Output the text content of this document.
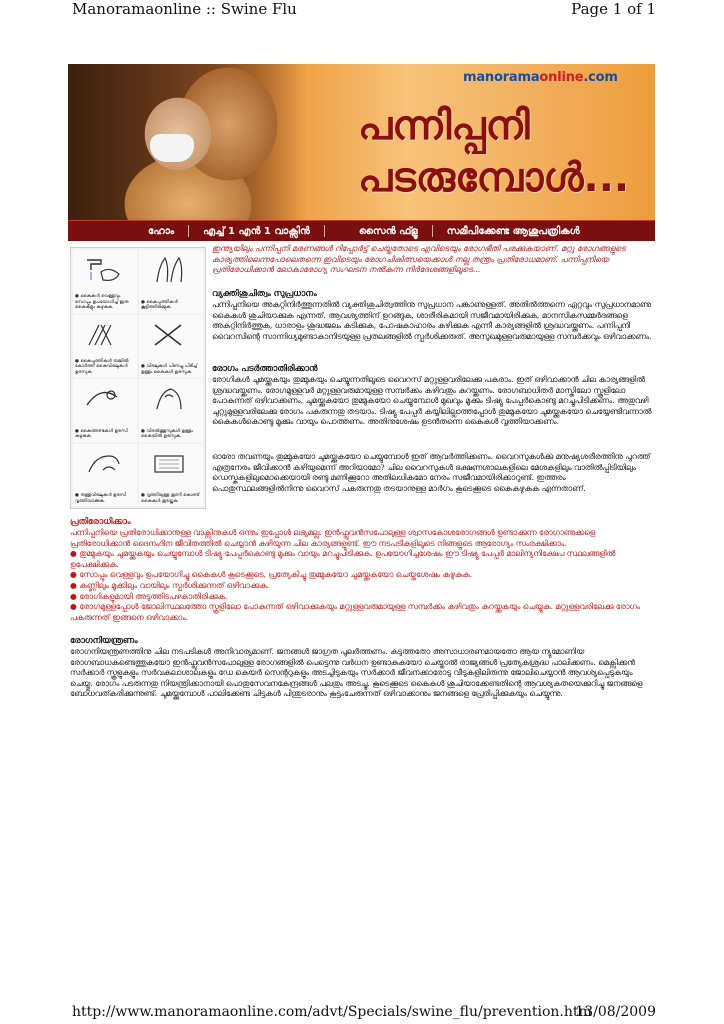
Manoramaonline :: Swine Flu	Page 1 of 1
manoramaonline.com
പന്നിപ്പനി
പടരുമ്പോൾ...
ഹോം	എച്ച് 1 എൻ 1 വാക്സിൻ	സൈൻ ഫ്ളൂ	സമീപിക്കേണ്ട ആശുപത്രികൾ
● കൈകൾ വെള്ളവും സോപ്പും ഉപയോഗിച്ച് ഇരു കൈകളും കഴുകുക.
● കൈപ്പത്തികൾ കൂട്ടിത്തിരുമ്മുക.
● കൈപ്പത്തികൾ തമ്മിൽ കോർത്ത് കൈവിരലുകൾ ഉരസുക.
● വിരലുകൾ പിണച്ചു പിടിച്ച് ഉള്ളം കൈകൾ ഉരസുക.
● കൈത്തണ്ടകൾ ഉരസി കഴുകുക.
● വിരൽത്തുമ്പുകൾ ഉള്ളം കൈയിൽ ഉരസുക.
● തള്ളവിരലുകൾ ഉരസി വൃത്തിയാക്കുക.
● വൃത്തിയുള്ള തുണി കൊണ്ട് കൈകൾ തുടയ്ക്കുക.
ഇന്ത്യയിലും പന്നിപ്പനി മരണങ്ങൾ റിപ്പോർട്ട് ചെയ്തതോടെ എവിടെയും രോഗഭീതി പരക്കുകയാണ്. മറ്റു രോഗങ്ങളുടെ കാര്യത്തിലെന്നപോലെതന്നെ ഇവിടെയും രോഗചികിത്സയെക്കാൾ നല്ല തന്ത്രം പ്രതിരോധമാണ്. പന്നിപ്പനിയെ പ്രതിരോധിക്കാൻ ലോകാരോഗ്യ സംഘടന നൽകുന്ന നിർദേശങ്ങളിലൂടെ...
വ്യക്തിശുചിത്വം സുപ്രധാനം
പന്നിപ്പനിയെ അകറ്റിനിർത്തുന്നതിൽ വ്യക്തിശുചിത്വത്തിനു സുപ്രധാന പങ്കാണുള്ളത്. അതിൽത്തന്നെ ഏറ്റവും സുപ്രധാനമാണു കൈകൾ ശുചിയാക്കുക എന്നത്. ആവശ്യത്തിന് ഉറങ്ങുക, ശാരീരികമായി സജീവമായിരിക്കുക, മാനസികസമ്മർദങ്ങളെ അകറ്റിനിർത്തുക, ധാരാളം ശുദ്ധജലം കുടിക്കുക, പോഷകാഹാരം കഴിക്കുക എന്നീ കാര്യങ്ങളിൽ ശ്രദ്ധവയ്ക്കണം. പന്നിപ്പനി വൈറസിന്റെ സാന്നിധ്യമുണ്ടാകാനിടയുള്ള പ്രതലങ്ങളിൽ സ്പർശിക്കരുത്. അസുഖമുള്ളവരുമായുള്ള സമ്പർക്കവും ഒഴിവാക്കണം.
രോഗം പടർത്താതിരിക്കാൻ
രോഗികൾ ചുമയ്ക്കുകയും തുമ്മുകയും ചെയ്യുന്നതിലൂടെ വൈറസ് മറ്റുള്ളവരിലേക്കു പകരാം. ഇത് ഒഴിവാക്കാൻ ചില കാര്യങ്ങളിൽ ശ്രദ്ധവയ്ക്കണം. രോഗമുള്ളവർ മറ്റുള്ളവരുമായുള്ള സമ്പർക്കം കഴിവതും കുറയ്ക്കണം. രോഗബാധിതർ മാസ്കിലോ സ്കൂളിലോ പോകുന്നത് ഒഴിവാക്കണം. ചുമയ്ക്കുകയോ തുമ്മുകയോ ചെയ്യുമ്പോൾ മുഖവും മൂക്കും ടിഷ്യു പേപ്പർകൊണ്ടു മറച്ചുപിടിക്കണം. അതുവഴി ചുറ്റുമുള്ളവരിലേക്കു രോഗം പകരുന്നതു തടയാം. ടിഷ്യു പേപ്പർ കയ്യിലില്ലാത്തപ്പോൾ തുമ്മുകയോ ചുമയ്ക്കുകയോ ചെയ്യേണ്ടിവന്നാൽ കൈകൾകൊണ്ടു മൂക്കും വായും പൊത്തണം. അതിനുശേഷം ഉടൻതന്നെ കൈകൾ വൃത്തിയാക്കണം.
ഓരോ തവണയും തുമ്മുകയോ ചുമയ്ക്കുകയോ ചെയ്യുമ്പോൾ ഇത് ആവർത്തിക്കണം. വൈറസുകൾക്കു മനുഷ്യശരീരത്തിനു പുറത്ത് എത്രനേരം ജീവിക്കാൻ കഴിയുമെന്ന് അറിയാമോ? ചില വൈറസുകൾ ഭക്ഷണശാലകളിലെ മേശകളിലും വാതിൽപ്പിടിയിലും ഡെസ്കുകളിലുമൊക്കെയായി രണ്ടു മണിക്കൂറോ അതിലധികമോ നേരം സജീവമായിരിക്കാറുണ്ട്. ഇത്തരം പൊതുസ്ഥലങ്ങളിൽനിന്നു വൈറസ് പകരുന്നതു തടയാനുള്ള മാർഗം കൂടെക്കൂടെ കൈകഴുകുക എന്നതാണ്.
പ്രതിരോധിക്കാം
പന്നിപ്പനിയെ പ്രതിരോധിക്കാനുള്ള വാക്സിനുകൾ ഒന്നും ഇപ്പോൾ ലഭ്യമല്ല. ഇൻഫ്ലുവൻസപോലുള്ള ശ്വാസകോശരോഗങ്ങൾ ഉണ്ടാക്കുന്ന രോഗാണുക്കളെ പ്രതിരോധിക്കാൻ ദൈനംദിന ജീവിതത്തിൽ ചെയ്യാൻ കഴിയുന്ന ചില കാര്യങ്ങളുണ്ട്. ഈ നടപടികളിലൂടെ നിങ്ങളുടെ ആരോഗ്യം സംരക്ഷിക്കാം.
● തുമ്മുകയും ചുമയ്ക്കുകയും ചെയ്യുമ്പോൾ ടിഷ്യു പേപ്പർകൊണ്ടു മൂക്കും വായും മറച്ചുപിടിക്കുക. ഉപയോഗിച്ചശേഷം ഈ ടിഷ്യു പേപ്പർ മാലിന്യനിക്ഷേപ സ്ഥലങ്ങളിൽ ഉപേക്ഷിക്കുക.
● സോപ്പും വെള്ളവും ഉപയോഗിച്ചു കൈകൾ കൂടെക്കൂടെ, പ്രത്യേകിച്ചു തുമ്മുകയോ ചുമയ്ക്കുകയോ ചെയ്തശേഷം കഴുകുക.
● കണ്ണിലും മൂക്കിലും വായിലും സ്പർശിക്കുന്നത് ഒഴിവാക്കുക.
● രോഗികളുമായി അടുത്തിടപഴകാതിരിക്കുക.
● രോഗമുള്ളപ്പോൾ ജോലിസ്ഥലത്തോ സ്കൂളിലോ പോകുന്നത് ഒഴിവാക്കുകയും മറ്റുള്ളവരുമായുള്ള സമ്പർക്കം കഴിവതും കുറയ്ക്കുകയും ചെയ്യുക. മറ്റുള്ളവരിലേക്കു രോഗം പകരുന്നത് ഇങ്ങനെ ഒഴിവാക്കാം.
രോഗനിയന്ത്രണം
രോഗനിയന്ത്രണത്തിനു ചില നടപടികൾ അനിവാര്യമാണ്. ജനങ്ങൾ ജാഗ്രത പുലർത്തണം. കടുത്തതോ അസാധാരണമായതോ ആയ ന്യുമോണിയ രോഗബാധകണ്ടെത്തുകയോ ഇൻഫ്ലുവൻസപോലുള്ള രോഗങ്ങളിൽ പെട്ടെന്നു വർധന ഉണ്ടാകുകയോ ചെയ്താൽ രാജ്യങ്ങൾ പ്രത്യേകശ്രദ്ധ പാലിക്കണം. മെക്സിക്കൻ സർക്കാർ സ്കൂളുകളും സർവകലാശാലകളും ഡേ കെയർ സെന്ററുകളും അടച്ചിടുകയും സർക്കാർ ജീവനക്കാരോടു വീടുകളിലിരുന്നു ജോലിചെയ്യാൻ ആവശ്യപ്പെടുകയും ചെയ്തു. രോഗം പടരുന്നതു നിയന്ത്രിക്കാനായി പൊതുസേവനകേന്ദ്രങ്ങൾ പലതും അടച്ചു. കൂടെക്കൂടെ കൈകൾ ശുചിയാക്കേണ്ടതിന്റെ ആവശ്യകതയെക്കുറിച്ചു ജനങ്ങളെ ബോധവത്കരിക്കുന്നുണ്ട്. ചുമയ്ക്കുമ്പോൾ പാലിക്കേണ്ട ചിട്ടകൾ പിന്തുടരാനും കൂട്ടംചേരുന്നത് ഒഴിവാക്കാനും ജനങ്ങളെ പ്രേരിപ്പിക്കുകയും ചെയ്യുന്നു.
http://www.manoramaonline.com/advt/Specials/swine_flu/prevention.htm
13/08/2009
